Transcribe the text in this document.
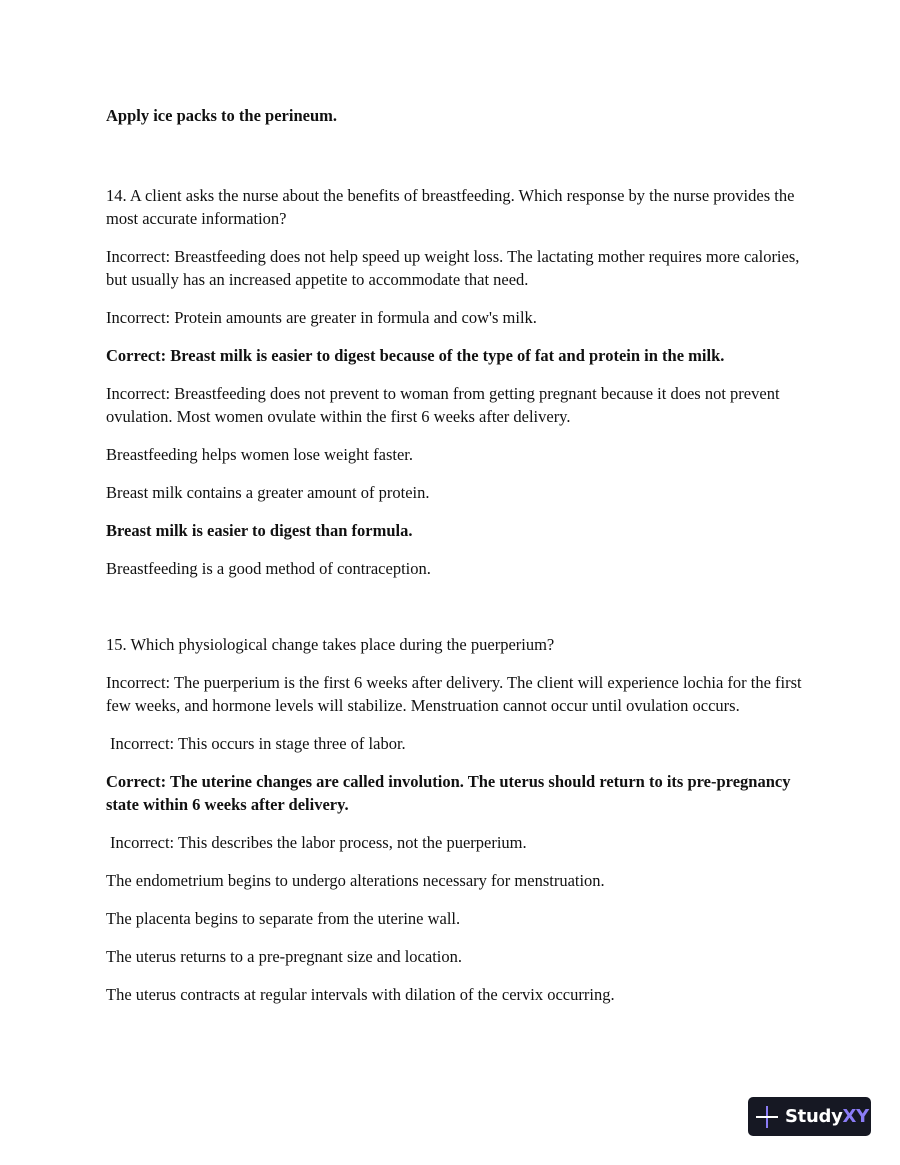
Apply ice packs to the perineum.

14. A client asks the nurse about the benefits of breastfeeding. Which response by the nurse provides the most accurate information?

Incorrect: Breastfeeding does not help speed up weight loss. The lactating mother requires more calories, but usually has an increased appetite to accommodate that need.

Incorrect: Protein amounts are greater in formula and cow's milk.

Correct: Breast milk is easier to digest because of the type of fat and protein in the milk.

Incorrect: Breastfeeding does not prevent to woman from getting pregnant because it does not prevent ovulation. Most women ovulate within the first 6 weeks after delivery.

Breastfeeding helps women lose weight faster.

Breast milk contains a greater amount of protein.

Breast milk is easier to digest than formula.

Breastfeeding is a good method of contraception.

15. Which physiological change takes place during the puerperium?

Incorrect: The puerperium is the first 6 weeks after delivery. The client will experience lochia for the first few weeks, and hormone levels will stabilize. Menstruation cannot occur until ovulation occurs.

Incorrect: This occurs in stage three of labor.

Correct: The uterine changes are called involution. The uterus should return to its pre-pregnancy state within 6 weeks after delivery.

Incorrect: This describes the labor process, not the puerperium.

The endometrium begins to undergo alterations necessary for menstruation.

The placenta begins to separate from the uterine wall.

The uterus returns to a pre-pregnant size and location.

The uterus contracts at regular intervals with dilation of the cervix occurring.

StudyXY
